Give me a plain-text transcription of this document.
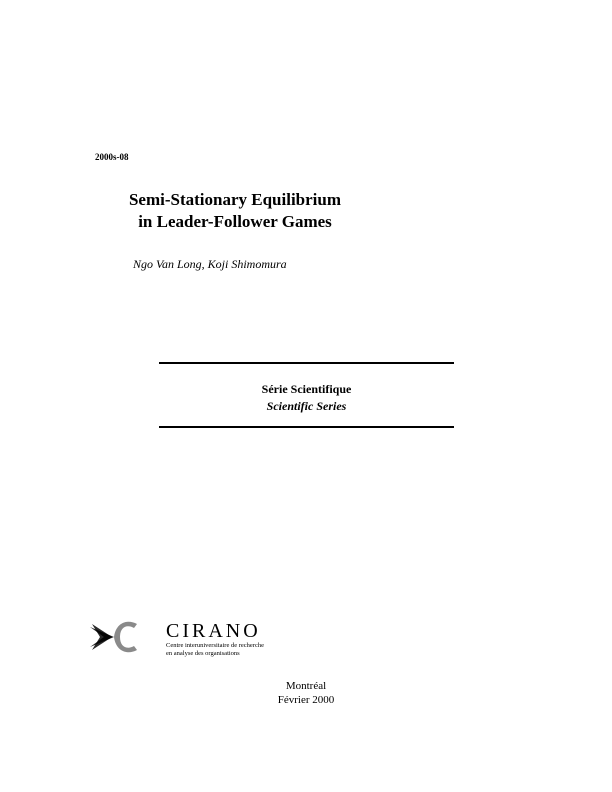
2000s-08
Semi-Stationary Equilibrium
in Leader-Follower Games
Ngo Van Long, Koji Shimomura
Série Scientifique
Scientific Series
CIRANO
Centre interuniversitaire de recherche
en analyse des organisations
Montréal
Février 2000
